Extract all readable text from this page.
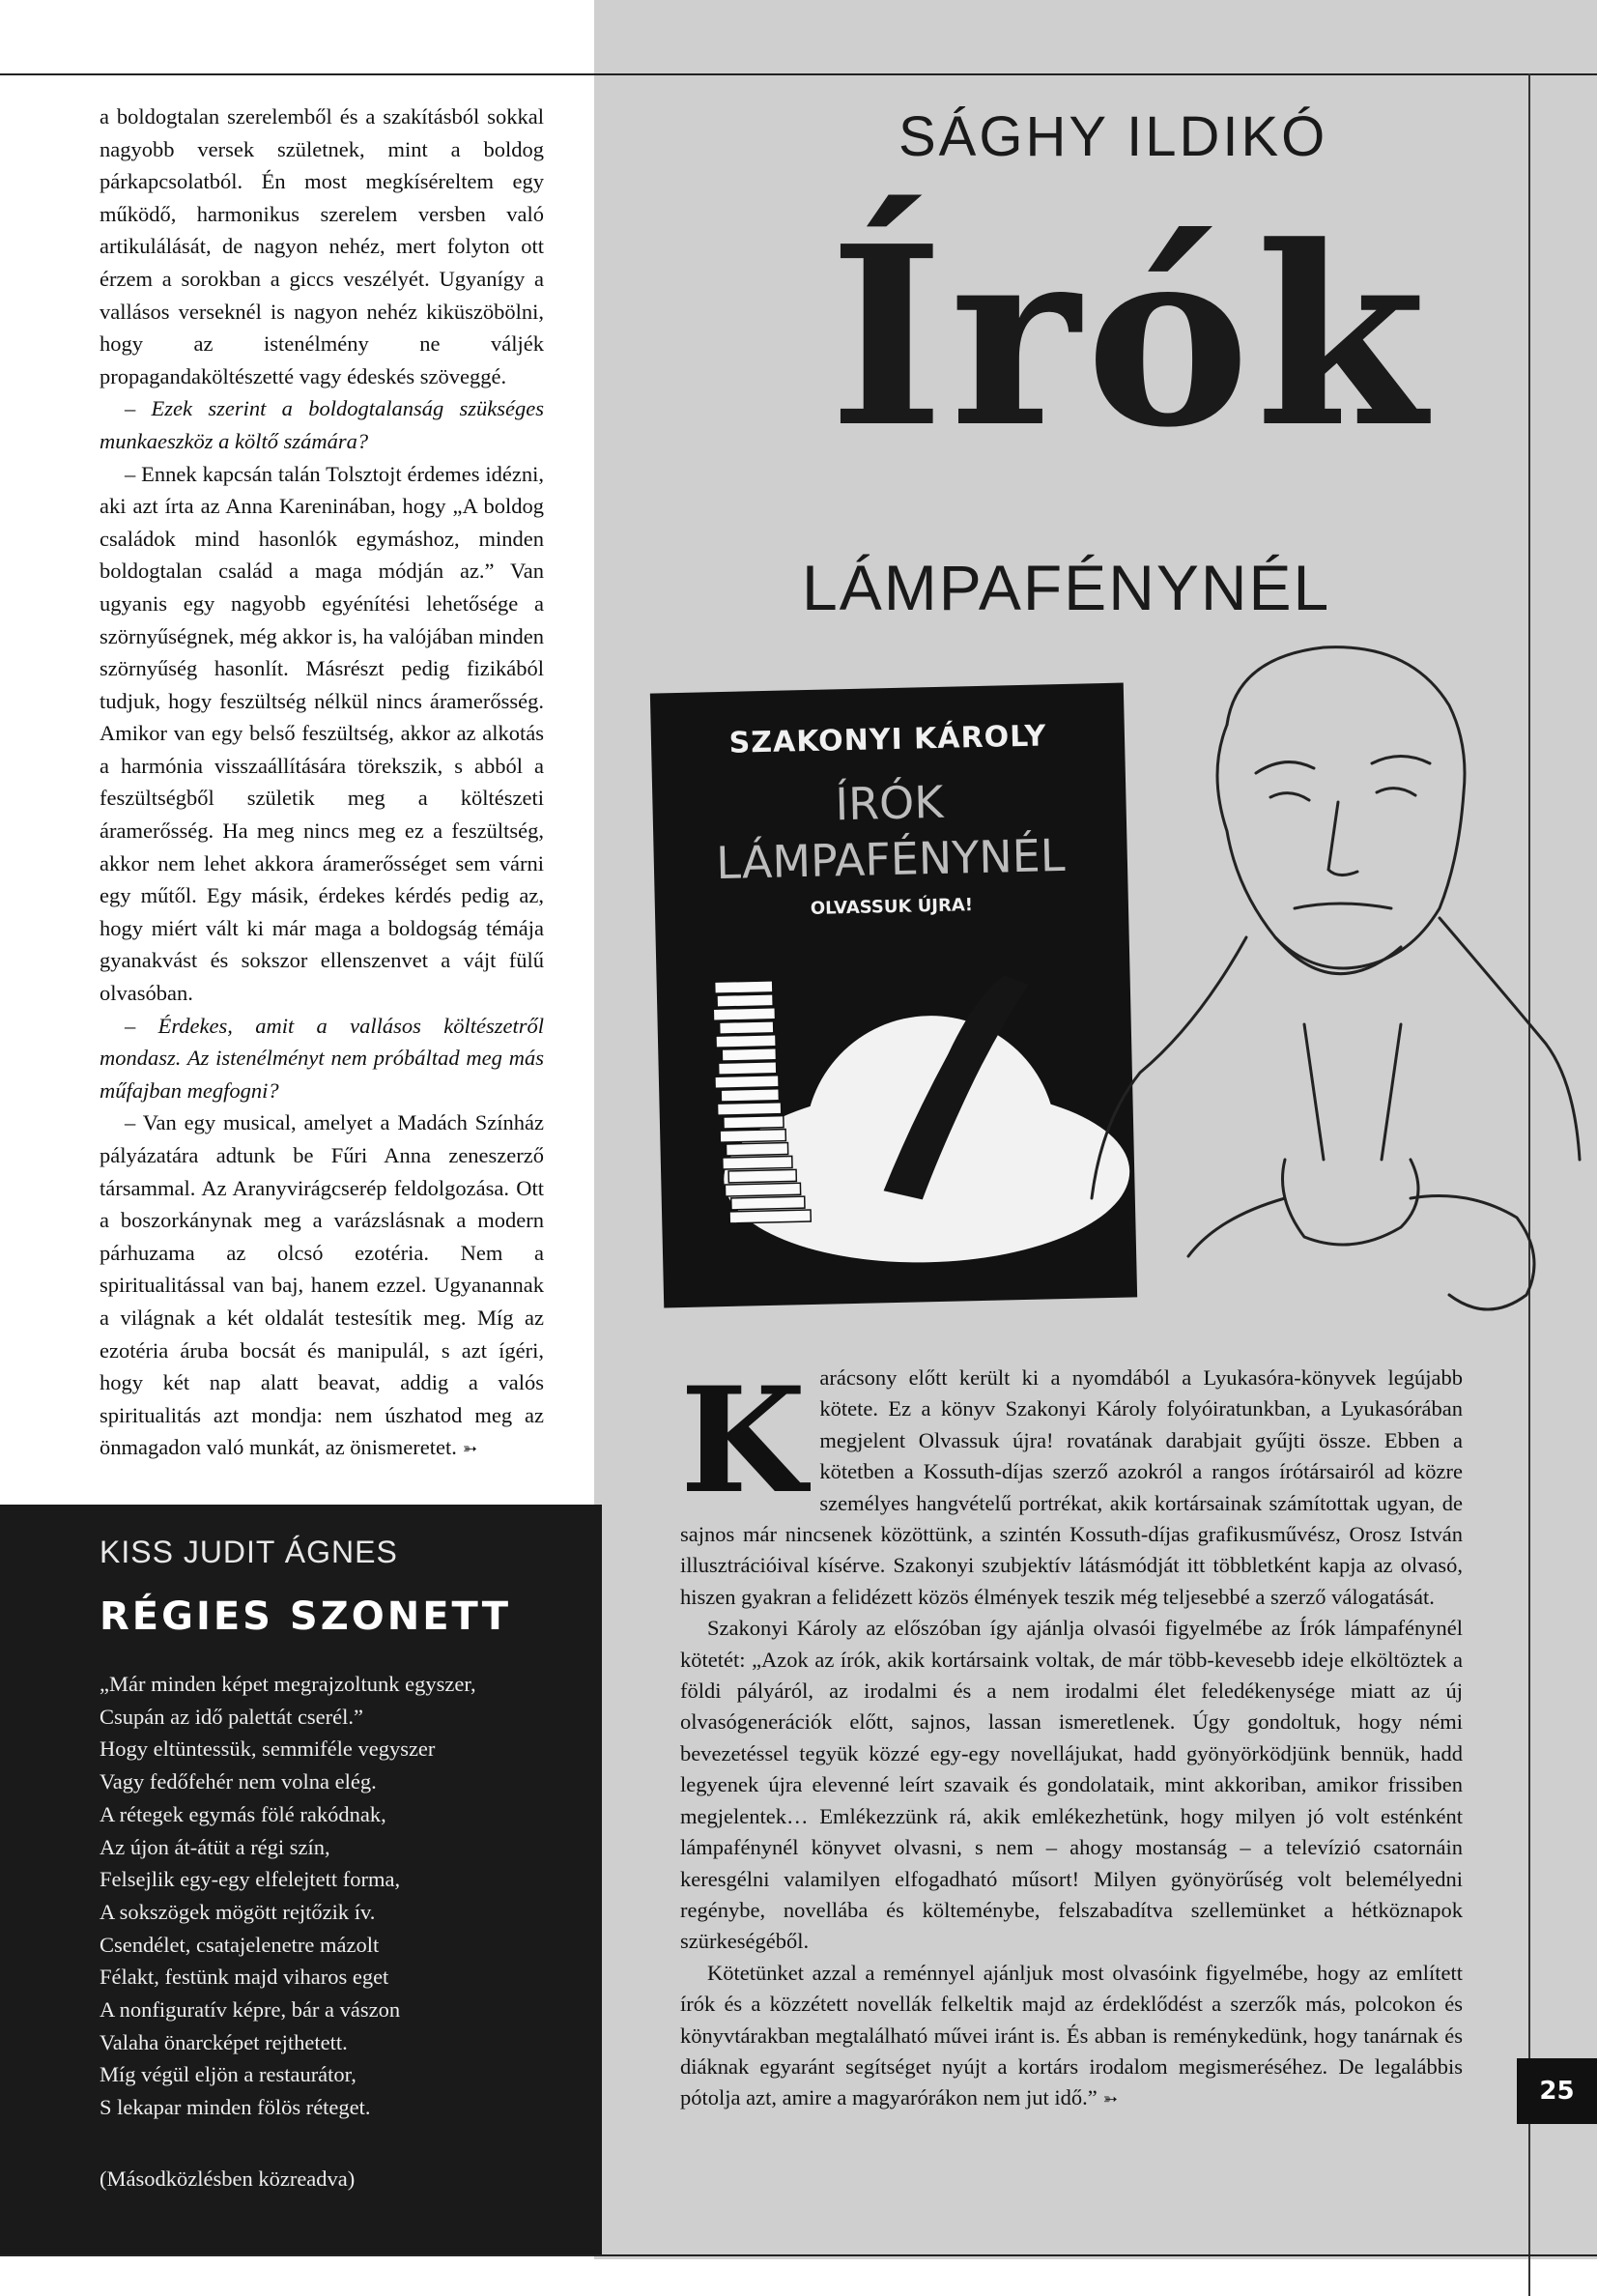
a boldogtalan szerelemből és a szakításból sokkal nagyobb versek születnek, mint a boldog párkapcsolatból. Én most megkíséreltem egy működő, harmonikus szerelem versben való artikulálását, de nagyon nehéz, mert folyton ott érzem a sorokban a giccs veszélyét. Ugyanígy a vallásos verseknél is nagyon nehéz kiküszöbölni, hogy az istenélmény ne váljék propagandaköltészetté vagy édeskés szöveggé.

– Ezek szerint a boldogtalanság szükséges munkaeszköz a költő számára?

– Ennek kapcsán talán Tolsztojt érdemes idézni, aki azt írta az Anna Kareninában, hogy „A boldog családok mind hasonlók egymáshoz, minden boldogtalan család a maga módján az.” Van ugyanis egy nagyobb egyénítési lehetősége a szörnyűségnek, még akkor is, ha valójában minden szörnyűség hasonlít. Másrészt pedig fizikából tudjuk, hogy feszültség nélkül nincs áramerősség. Amikor van egy belső feszültség, akkor az alkotás a harmónia visszaállítására törekszik, s abból a feszültségből születik meg a költészeti áramerősség. Ha meg nincs meg ez a feszültség, akkor nem lehet akkora áramerősséget sem várni egy műtől. Egy másik, érdekes kérdés pedig az, hogy miért vált ki már maga a boldogság témája gyanakvást és sokszor ellenszenvet a vájt fülű olvasóban.

– Érdekes, amit a vallásos költészetről mondasz. Az istenélményt nem próbáltad meg más műfajban megfogni?

– Van egy musical, amelyet a Madách Színház pályázatára adtunk be Fűri Anna zeneszerző társammal. Az Aranyvirágcserép feldolgozása. Ott a boszorkánynak meg a varázslásnak a modern párhuzama az olcsó ezotéria. Nem a spiritualitással van baj, hanem ezzel. Ugyanannak a világnak a két oldalát testesítik meg. Míg az ezotéria áruba bocsát és manipulál, s azt ígéri, hogy két nap alatt beavat, addig a valós spiritualitás azt mondja: nem úszhatod meg az önmagadon való munkát, az önismeretet. ➳

KISS JUDIT ÁGNES
RÉGIES SZONETT
„Már minden képet megrajzoltunk egyszer,
Csupán az idő palettát cserél.”
Hogy eltüntessük, semmiféle vegyszer
Vagy fedőfehér nem volna elég.
A rétegek egymás fölé rakódnak,
Az újon át-átüt a régi szín,
Felsejlik egy-egy elfelejtett forma,
A sokszögek mögött rejtőzik ív.
Csendélet, csatajelenetre mázolt
Félakt, festünk majd viharos eget
A nonfiguratív képre, bár a vászon
Valaha önarcképet rejthetett.
Míg végül eljön a restaurátor,
S lekapar minden fölös réteget.
(Másodközlésben közreadva)
SÁGHY ILDIKÓ
Írók
LÁMPAFÉNYNÉL
SZAKONYI KÁROLY
ÍRÓK
LÁMPAFÉNYNÉL
OLVASSUK ÚJRA!

Karácsony előtt került ki a nyomdából a Lyukasóra-könyvek legújabb kötete. Ez a könyv Szakonyi Károly folyóiratunkban, a Lyukasórában megjelent Olvassuk újra! rovatának darabjait gyűjti össze. Ebben a kötetben a Kossuth-díjas szerző azokról a rangos írótársairól ad közre személyes hangvételű portrékat, akik kortársainak számítottak ugyan, de sajnos már nincsenek közöttünk, a szintén Kossuth-díjas grafikusművész, Orosz István illusztrációival kísérve. Szakonyi szubjektív látásmódját itt többletként kapja az olvasó, hiszen gyakran a felidézett közös élmények teszik még teljesebbé a szerző válogatását.

Szakonyi Károly az előszóban így ajánlja olvasói figyelmébe az Írók lámpafénynél kötetét: „Azok az írók, akik kortársaink voltak, de már több-kevesebb ideje elköltöztek a földi pályáról, az irodalmi és a nem irodalmi élet feledékenysége miatt az új olvasógenerációk előtt, sajnos, lassan ismeretlenek. Úgy gondoltuk, hogy némi bevezetéssel tegyük közzé egy-egy novellájukat, hadd gyönyörködjünk bennük, hadd legyenek újra elevenné leírt szavaik és gondolataik, mint akkoriban, amikor frissiben megjelentek… Emlékezzünk rá, akik emlékezhetünk, hogy milyen jó volt esténként lámpafénynél könyvet olvasni, s nem – ahogy mostanság – a televízió csatornáin keresgélni valamilyen elfogadható műsort! Milyen gyönyörűség volt belemélyedni regénybe, novellába és költeménybe, felszabadítva szellemünket a hétköznapok szürkeségéből.

Kötetünket azzal a reménnyel ajánljuk most olvasóink figyelmébe, hogy az említett írók és a közzétett novellák felkeltik majd az érdeklődést a szerzők más, polcokon és könyvtárakban megtalálható művei iránt is. És abban is reménykedünk, hogy tanárnak és diáknak egyaránt segítséget nyújt a kortárs irodalom megismeréséhez. De legalábbis pótolja azt, amire a magyarórákon nem jut idő.” ➳	25
